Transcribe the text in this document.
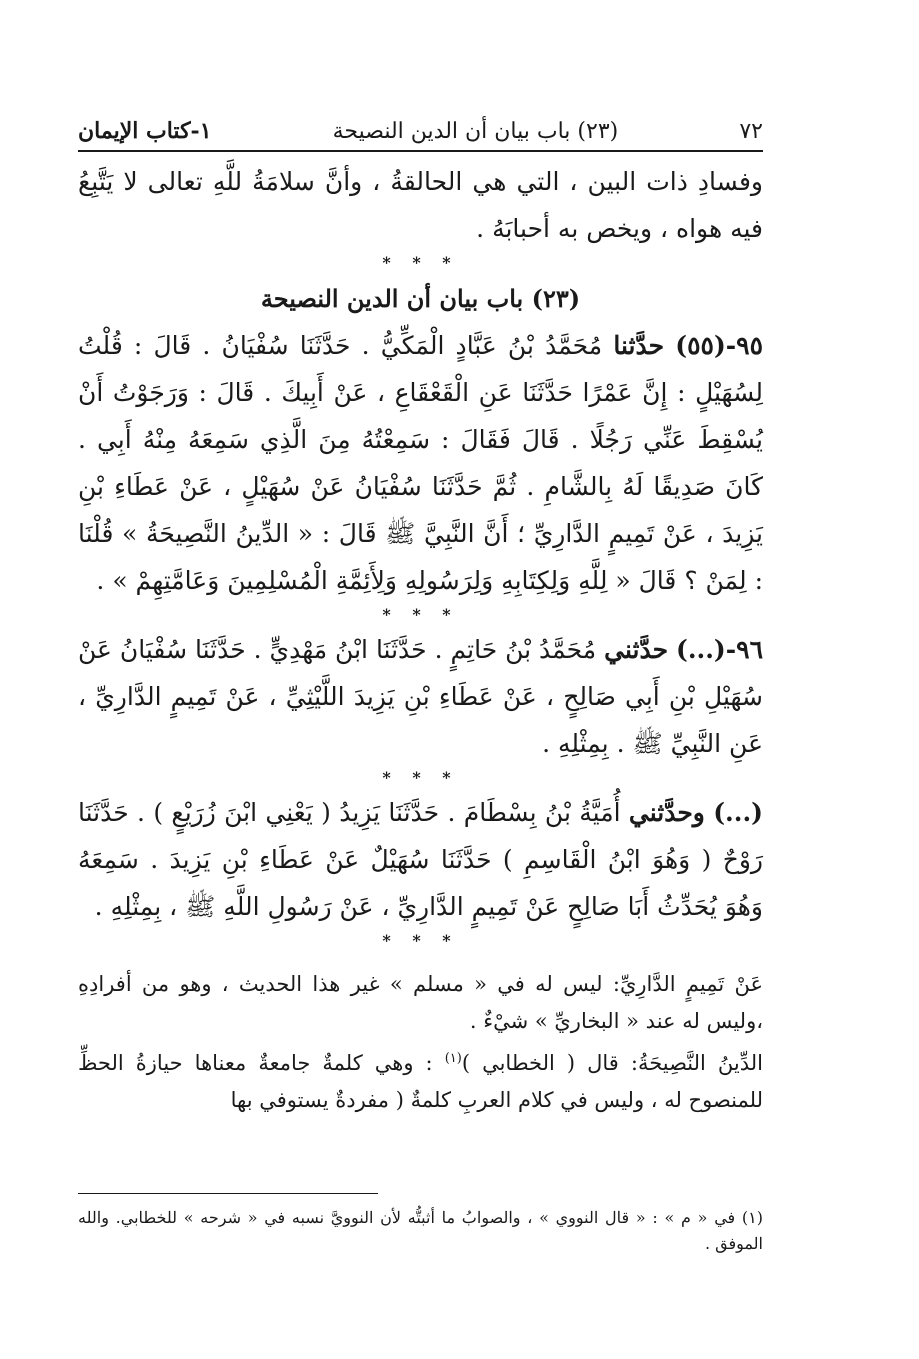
٧٢
(٢٣) باب بيان أن الدين النصيحة
١-كتاب الإيمان

وفسادِ ذات البين ، التي هي الحالقةُ ، وأنَّ سلامَةُ للَّهِ تعالى لا يَتَّبِعُ فيه هواه ، ويخص به أحبابَهُ .

* * *
(٢٣) باب بيان أن الدين النصيحة

٩٥-(٥٥) حدَّثنا مُحَمَّدُ بْنُ عَبَّادٍ الْمَكِّيُّ . حَدَّثَنَا سُفْيَانُ . قَالَ : قُلْتُ لِسُهَيْلٍ : إِنَّ عَمْرًا حَدَّثَنَا عَنِ الْقَعْقَاعِ ، عَنْ أَبِيكَ . قَالَ : وَرَجَوْتُ أَنْ يُسْقِطَ عَنِّي رَجُلًا . قَالَ فَقَالَ : سَمِعْتُهُ مِنَ الَّذِي سَمِعَهُ مِنْهُ أَبِي . كَانَ صَدِيقًا لَهُ بِالشَّامِ . ثُمَّ حَدَّثَنَا سُفْيَانُ عَنْ سُهَيْلٍ ، عَنْ عَطَاءِ بْنِ يَزِيدَ ، عَنْ تَمِيمٍ الدَّارِيِّ ؛ أَنَّ النَّبِيَّ ﷺ قَالَ : « الدِّينُ النَّصِيحَةُ » قُلْنَا : لِمَنْ ؟ قَالَ « لِلَّهِ وَلِكِتَابِهِ وَلِرَسُولِهِ وَلِأَئِمَّةِ الْمُسْلِمِينَ وَعَامَّتِهِمْ » .

* * *

٩٦-(...) حدَّثني مُحَمَّدُ بْنُ حَاتِمٍ . حَدَّثَنَا ابْنُ مَهْدِيٍّ . حَدَّثَنَا سُفْيَانُ عَنْ سُهَيْلِ بْنِ أَبِي صَالِحٍ ، عَنْ عَطَاءِ بْنِ يَزِيدَ اللَّيْثِيِّ ، عَنْ تَمِيمٍ الدَّارِيِّ ، عَنِ النَّبِيِّ ﷺ . بِمِثْلِهِ .

* * *

(...) وحدَّثني أُمَيَّةُ بْنُ بِسْطَامَ . حَدَّثَنَا يَزِيدُ ( يَعْنِي ابْنَ زُرَيْعٍ ) . حَدَّثَنَا رَوْحٌ ( وَهُوَ ابْنُ الْقَاسِمِ ) حَدَّثَنَا سُهَيْلٌ عَنْ عَطَاءِ بْنِ يَزِيدَ . سَمِعَهُ وَهُوَ يُحَدِّثُ أَبَا صَالِحٍ عَنْ تَمِيمٍ الدَّارِيِّ ، عَنْ رَسُولِ اللَّهِ ﷺ ، بِمِثْلِهِ .

* * *

عَنْ تَمِيمٍ الدَّارِيِّ: ليس له في « مسلم » غير هذا الحديث ، وهو من أفرادِهِ ،وليس له عند « البخاريِّ » شيْءٌ .

الدِّينُ النَّصِيحَةُ: قال ( الخطابي )$^{(١)}$ : وهي كلمةٌ جامعةٌ معناها حيازةُ الحظِّ للمنصوح له ، وليس في كلام العربِ كلمةٌ ( مفردةٌ يستوفي بها

(١) في « م » : « قال النووي » ، والصوابُ ما أثبتُّه لأن النوويَّ نسبه في « شرحه » للخطابي. والله الموفق .
